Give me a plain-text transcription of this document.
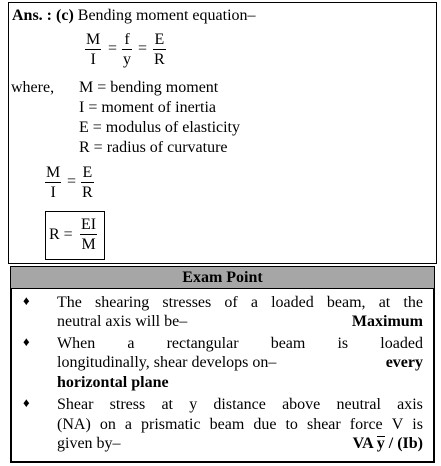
Ans. : (c) Bending moment equation–
M
I
=
f
y
=
E
R
where, M = bending moment
I = moment of inertia
E = modulus of elasticity
R = radius of curvature
M
I
=
E
R
R =
EI
M
Exam Point
♦ The shearing stresses of a loaded beam, at the
neutral axis will be–	Maximum
♦ When a rectangular beam is loaded
longitudinally, shear develops on–	every
horizontal plane
♦ Shear stress at y distance above neutral axis
(NA) on a prismatic beam due to shear force V is
given by–	VA y / (Ib)
